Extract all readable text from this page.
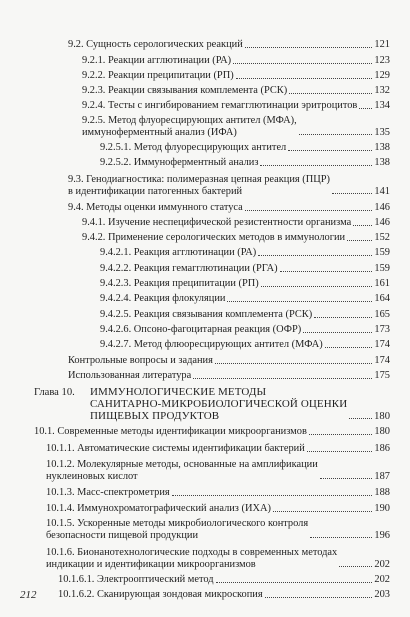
9.2. Сущность серологических реакций	121
9.2.1. Реакции агглютинации (РА)	123
9.2.2. Реакции преципитации (РП)	129
9.2.3. Реакции связывания комплемента (РСК)	132
9.2.4. Тесты с ингибированием гемагглютинации эритроцитов 134
9.2.5. Метод флуоресцирующих антител (МФА),
иммуноферментный анализ (ИФА)	135
9.2.5.1. Метод флуоресцирующих антител	138
9.2.5.2. Иммуноферментный анализ	138
9.3. Генодиагностика: полимеразная цепная реакция (ПЦР)
в идентификации патогенных бактерий	141
9.4. Методы оценки иммунного статуса	146
9.4.1. Изучение неспецифической резистентности организма 146
9.4.2. Применение серологических методов в иммунологии	152
9.4.2.1. Реакция агглютинации (РА)	159
9.4.2.2. Реакция гемагглютинации (РГА)	159
9.4.2.3. Реакция преципитации (РП)	161
9.4.2.4. Реакция флокуляции	164
9.4.2.5. Реакция связывания комплемента (РСК)	165
9.4.2.6. Опсоно-фагоцитарная реакция (ОФР)	173
9.4.2.7. Метод флюоресцирующих антител (МФА)	174
Контрольные вопросы и задания	174
Использованная литература	175
Глава 10. ИММУНОЛОГИЧЕСКИЕ МЕТОДЫ
САНИТАРНО-МИКРОБИОЛОГИЧЕСКОЙ ОЦЕНКИ
ПИЩЕВЫХ ПРОДУКТОВ	180
10.1. Современные методы идентификации микроорганизмов	180
10.1.1. Автоматические системы идентификации бактерий	186
10.1.2. Молекулярные методы, основанные на амплификации
нуклеиновых кислот	187
10.1.3. Масс-спектрометрия	188
10.1.4. Иммунохроматографический анализ (ИХА)	190
10.1.5. Ускоренные методы микробиологического контроля
безопасности пищевой продукции	196
10.1.6. Бионанотехнологические подходы в современных методах
индикации и идентификации микроорганизмов	202
10.1.6.1. Электрооптический метод	202
10.1.6.2. Сканирующая зондовая микроскопия	203
212
